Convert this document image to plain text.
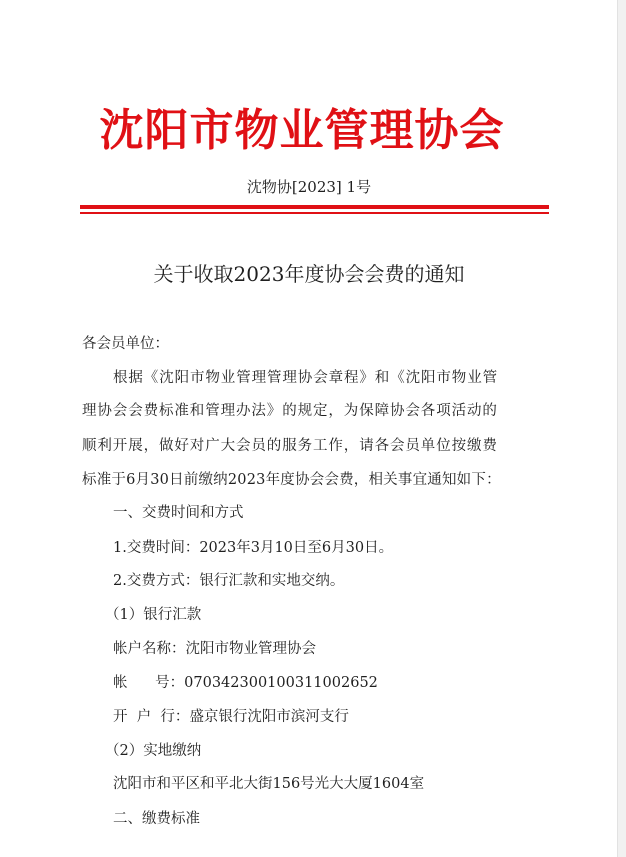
沈阳市物业管理协会
沈物协[2023] 1号
关于收取2023年度协会会费的通知
各会员单位：
根据《沈阳市物业管理管理协会章程》和《沈阳市物业管
理协会会费标准和管理办法》的规定，为保障协会各项活动的
顺利开展，做好对广大会员的服务工作，请各会员单位按缴费
标准于6月30日前缴纳2023年度协会会费，相关事宜通知如下：
一、交费时间和方式
1.交费时间：2023年3月10日至6月30日。
2.交费方式：银行汇款和实地交纳。
（1）银行汇款
帐户名称：沈阳市物业管理协会
帐      号：07034230010031100265​2
开  户  行：盛京银行沈阳市滨河支行
（2）实地缴纳
沈阳市和平区和平北大街156号光大大厦1604室
二、缴费标准
